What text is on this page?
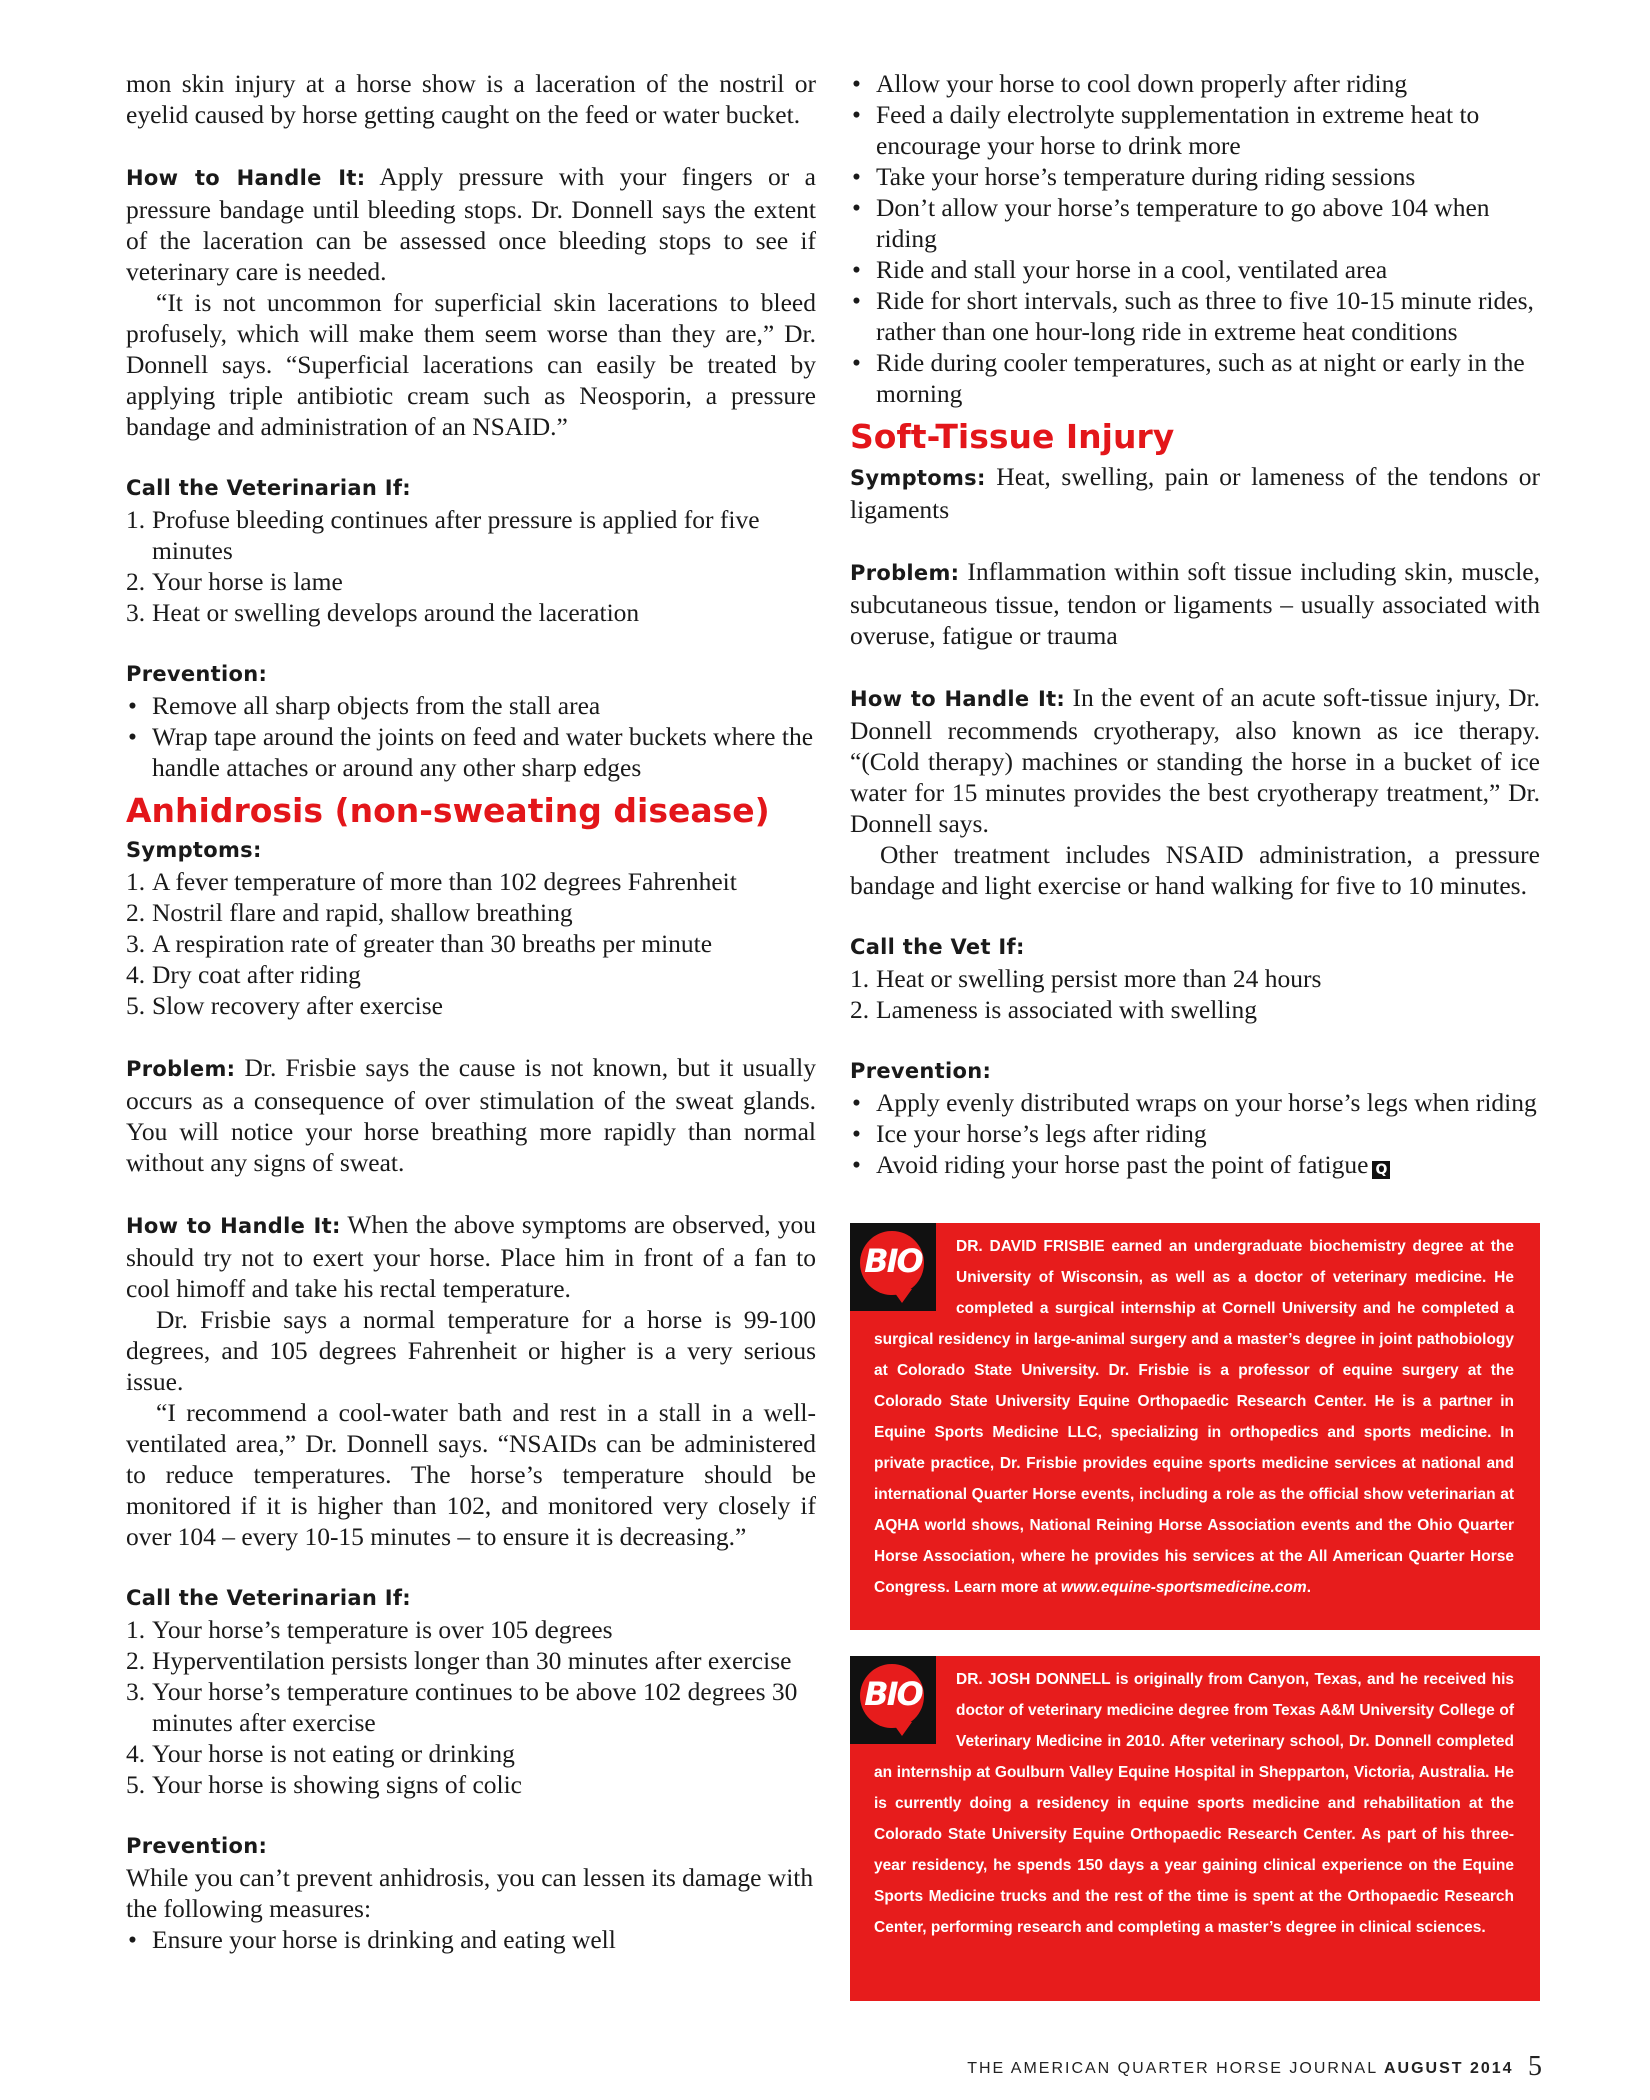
mon skin injury at a horse show is a laceration of the nostril or eyelid caused by horse getting caught on the feed or water bucket.

How to Handle It: Apply pressure with your fingers or a pressure bandage until bleeding stops. Dr. Donnell says the extent of the laceration can be assessed once bleeding stops to see if veterinary care is needed.

“It is not uncommon for superficial skin lacerations to bleed profusely, which will make them seem worse than they are,” Dr. Donnell says. “Superficial lacerations can easily be treated by applying triple antibiotic cream such as Neosporin, a pressure bandage and administration of an NSAID.”

Call the Veterinarian If:
1. Profuse bleeding continues after pressure is applied for five minutes
2. Your horse is lame
3. Heat or swelling develops around the laceration
Prevention:
• Remove all sharp objects from the stall area
• Wrap tape around the joints on feed and water buckets where the handle attaches or around any other sharp edges
Anhidrosis (non-sweating disease)
Symptoms:
1. A fever temperature of more than 102 degrees Fahrenheit
2. Nostril flare and rapid, shallow breathing
3. A respiration rate of greater than 30 breaths per minute
4. Dry coat after riding
5. Slow recovery after exercise

Problem: Dr. Frisbie says the cause is not known, but it usually occurs as a consequence of over stimulation of the sweat glands. You will notice your horse breathing more rapidly than normal without any signs of sweat.

How to Handle It: When the above symptoms are observed, you should try not to exert your horse. Place him in front of a fan to cool himoff and take his rectal temperature.

Dr. Frisbie says a normal temperature for a horse is 99-100 degrees, and 105 degrees Fahrenheit or higher is a very serious issue.

“I recommend a cool-water bath and rest in a stall in a well-ventilated area,” Dr. Donnell says. “NSAIDs can be administered to reduce temperatures. The horse’s temperature should be monitored if it is higher than 102, and monitored very closely if over 104 – every 10-15 minutes – to ensure it is decreasing.”

Call the Veterinarian If:
1. Your horse’s temperature is over 105 degrees
2. Hyperventilation persists longer than 30 minutes after exercise
3. Your horse’s temperature continues to be above 102 degrees 30 minutes after exercise
4. Your horse is not eating or drinking
5. Your horse is showing signs of colic
Prevention:

While you can’t prevent anhidrosis, you can lessen its damage with the following measures:

• Ensure your horse is drinking and eating well
• Allow your horse to cool down properly after riding
• Feed a daily electrolyte supplementation in extreme heat to encourage your horse to drink more
• Take your horse’s temperature during riding sessions
• Don’t allow your horse’s temperature to go above 104 when riding
• Ride and stall your horse in a cool, ventilated area
• Ride for short intervals, such as three to five 10-15 minute rides, rather than one hour-long ride in extreme heat conditions
• Ride during cooler temperatures, such as at night or early in the morning
Soft-Tissue Injury

Symptoms: Heat, swelling, pain or lameness of the tendons or ligaments

Problem: Inflammation within soft tissue including skin, muscle, subcutaneous tissue, tendon or ligaments – usually associated with overuse, fatigue or trauma

How to Handle It: In the event of an acute soft-tissue injury, Dr. Donnell recommends cryotherapy, also known as ice therapy. “(Cold therapy) machines or standing the horse in a bucket of ice water for 15 minutes provides the best cryotherapy treatment,” Dr. Donnell says.

Other treatment includes NSAID administration, a pressure bandage and light exercise or hand walking for five to 10 minutes.

Call the Vet If:
1. Heat or swelling persist more than 24 hours
2. Lameness is associated with swelling
Prevention:
• Apply evenly distributed wraps on your horse’s legs when riding
• Ice your horse’s legs after riding
• Avoid riding your horse past the point of fatigue Q
BIO	DR. DAVID FRISBIE earned an undergraduate biochemistry degree at the University of Wisconsin, as well as a doctor of veterinary medicine. He completed a surgical internship at Cornell University and he completed a surgical residency in large-animal surgery and a master’s degree in joint pathobiology at Colorado State University. Dr. Frisbie is a professor of equine surgery at the Colorado State University Equine Orthopaedic Research Center. He is a partner in Equine Sports Medicine LLC, specializing in orthopedics and sports medicine. In private practice, Dr. Frisbie provides equine sports medicine services at national and international Quarter Horse events, including a role as the official show veterinarian at AQHA world shows, National Reining Horse Association events and the Ohio Quarter Horse Association, where he provides his services at the All American Quarter Horse Congress. Learn more at www.equine-sportsmedicine.com.

BIO	DR. JOSH DONNELL is originally from Canyon, Texas, and he received his doctor of veterinary medicine degree from Texas A&M University College of Veterinary Medicine in 2010. After veterinary school, Dr. Donnell completed an internship at Goulburn Valley Equine Hospital in Shepparton, Victoria, Australia. He is currently doing a residency in equine sports medicine and rehabilitation at the Colorado State University Equine Orthopaedic Research Center. As part of his three-year residency, he spends 150 days a year gaining clinical experience on the Equine Sports Medicine trucks and the rest of the time is spent at the Orthopaedic Research Center, performing research and completing a master’s degree in clinical sciences.

THE AMERICAN QUARTER HORSE JOURNAL AUGUST 2014 5
